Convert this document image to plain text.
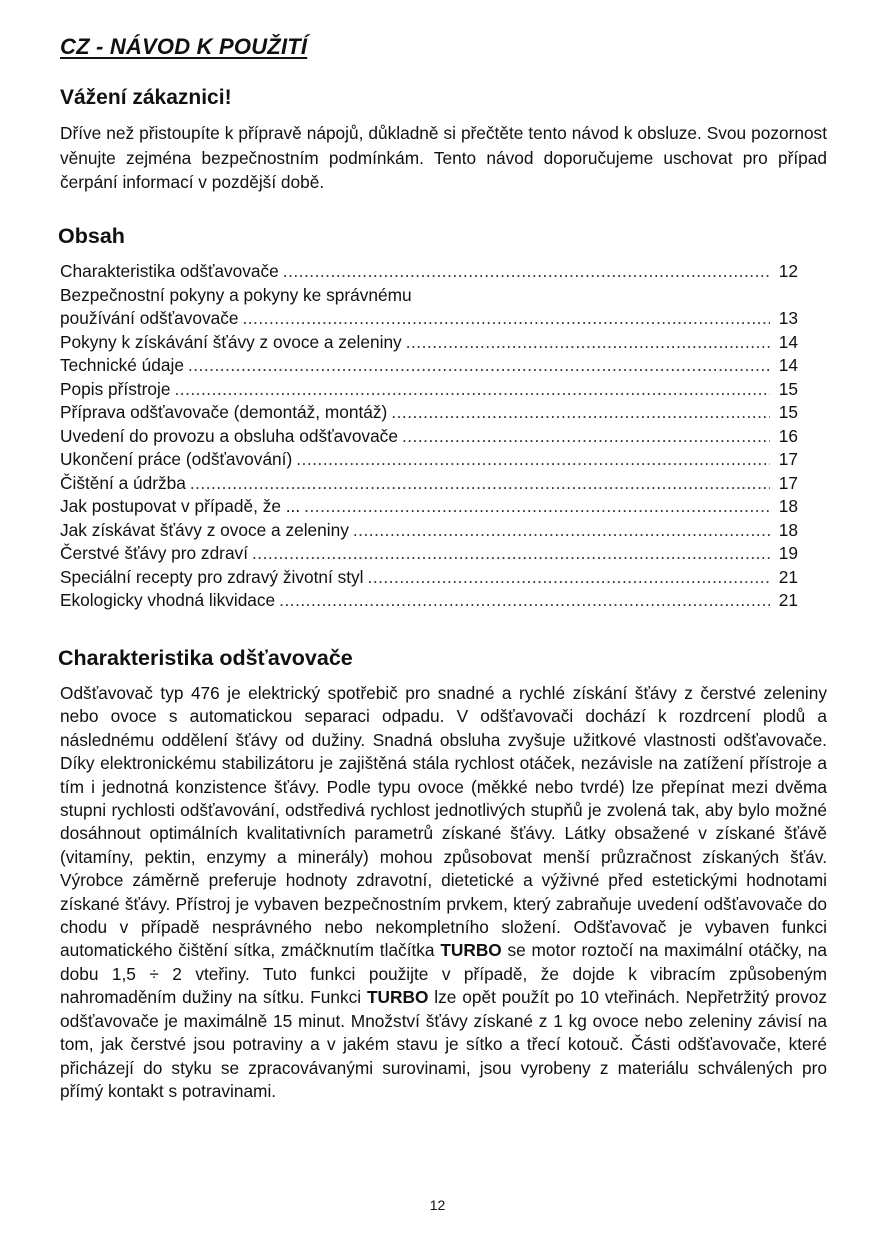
CZ - NÁVOD K POUŽITÍ
Vážení zákaznici!

Dříve než přistoupíte k přípravě nápojů, důkladně si přečtěte tento návod k obsluze. Svou pozornost věnujte zejména bezpečnostním podmínkám. Tento návod doporučujeme uschovat pro případ čerpání informací v pozdější době.

Obsah
Charakteristika odšťavovače .....	12
Bezpečnostní pokyny a pokyny ke správnému
používání odšťavovače .....	13
Pokyny k získávání šťávy z ovoce a zeleniny .....	14
Technické údaje .....	14
Popis přístroje .....	15
Příprava odšťavovače (demontáž, montáž) .....	15
Uvedení do provozu a obsluha odšťavovače .....	16
Ukončení práce (odšťavování) .....	17
Čištění a údržba .....	17
Jak postupovat v případě, že ... .....	18
Jak získávat šťávy z ovoce a zeleniny .....	18
Čerstvé šťávy pro zdraví .....	19
Speciální recepty pro zdravý životní styl .....	21
Ekologicky vhodná likvidace .....	21
Charakteristika odšťavovače

Odšťavovač typ 476 je elektrický spotřebič pro snadné a rychlé získání šťávy z čerstvé zeleniny nebo ovoce s automatickou separaci odpadu. V odšťavovači dochází k rozdrcení plodů a následnému oddělení šťávy od dužiny. Snadná obsluha zvyšuje užitkové vlastnosti odšťavovače. Díky elektronickému stabilizátoru je zajištěná stála rychlost otáček, nezávisle na zatížení přístroje a tím i jednotná konzistence šťávy. Podle typu ovoce (měkké nebo tvrdé) lze přepínat mezi dvěma stupni rychlosti odšťavování, odstředivá rychlost jednotlivých stupňů je zvolená tak, aby bylo možné dosáhnout optimálních kvalitativních parametrů získané šťávy. Látky obsažené v získané šťávě (vitamíny, pektin, enzymy a minerály) mohou způsobovat menší průzračnost získaných šťáv. Výrobce záměrně preferuje hodnoty zdravotní, dietetické a výživné před estetickými hodnotami získané šťávy. Přístroj je vybaven bezpečnostním prvkem, který zabraňuje uvedení odšťavovače do chodu v případě nesprávného nebo nekompletního složení. Odšťavovač je vybaven funkci automatického čištění sítka, zmáčknutím tlačítka TURBO se motor roztočí na maximální otáčky, na dobu 1,5 ÷ 2 vteřiny. Tuto funkci použijte v případě, že dojde k vibracím způsobeným nahromaděním dužiny na sítku. Funkci TURBO lze opět použít po 10 vteřinách. Nepřetržitý provoz odšťavovače je maximálně 15 minut. Množství šťávy získané z 1 kg ovoce nebo zeleniny závisí na tom, jak čerstvé jsou potraviny a v jakém stavu je sítko a třecí kotouč. Části odšťavovače, které přicházejí do styku se zpracovávanými surovinami, jsou vyrobeny z materiálu schválených pro přímý kontakt s potravinami.

12
